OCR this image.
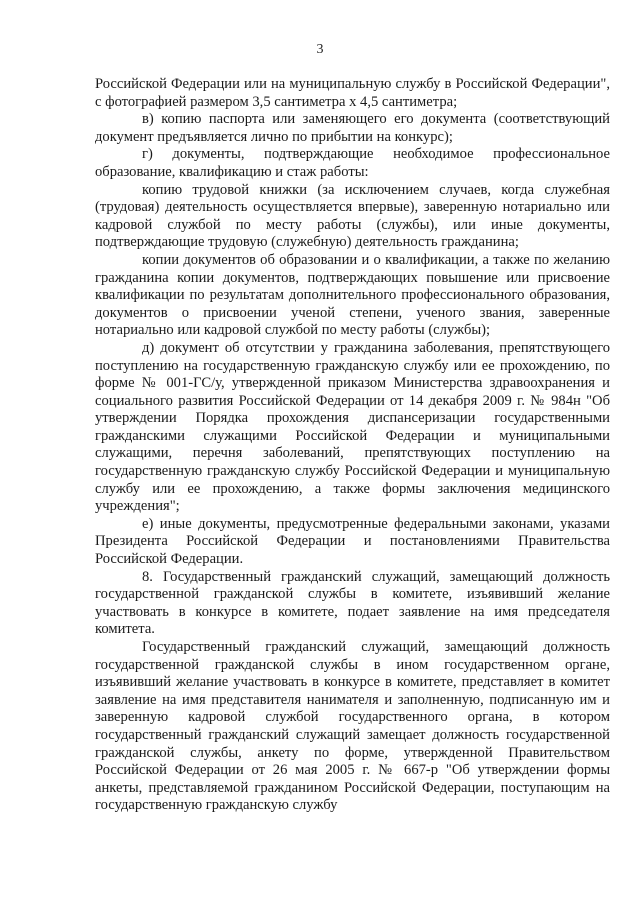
3

Российской Федерации или на муниципальную службу в Российской Федерации", с фотографией размером 3,5 сантиметра х 4,5 сантиметра;

в) копию паспорта или заменяющего его документа (соответствующий документ предъявляется лично по прибытии на конкурс);

г) документы, подтверждающие необходимое профессиональное образование, квалификацию и стаж работы:

копию трудовой книжки (за исключением случаев, когда служебная (трудовая) деятельность осуществляется впервые), заверенную нотариально или кадровой службой по месту работы (службы), или иные документы, подтверждающие трудовую (служебную) деятельность гражданина;

копии документов об образовании и о квалификации, а также по желанию гражданина копии документов, подтверждающих повышение или присвоение квалификации по результатам дополнительного профессионального образования, документов о присвоении ученой степени, ученого звания, заверенные нотариально или кадровой службой по месту работы (службы);

д) документ об отсутствии у гражданина заболевания, препятствующего поступлению на государственную гражданскую службу или ее прохождению, по форме № 001-ГС/у, утвержденной приказом Министерства здравоохранения и социального развития Российской Федерации от 14 декабря 2009 г. № 984н "Об утверждении Порядка прохождения диспансеризации государственными гражданскими служащими Российской Федерации и муниципальными служащими, перечня заболеваний, препятствующих поступлению на государственную гражданскую службу Российской Федерации и муниципальную службу или ее прохождению, а также формы заключения медицинского учреждения";

е) иные документы, предусмотренные федеральными законами, указами Президента Российской Федерации и постановлениями Правительства Российской Федерации.

8. Государственный гражданский служащий, замещающий должность государственной гражданской службы в комитете, изъявивший желание участвовать в конкурсе в комитете, подает заявление на имя председателя комитета.

Государственный гражданский служащий, замещающий должность государственной гражданской службы в ином государственном органе, изъявивший желание участвовать в конкурсе в комитете, представляет в комитет заявление на имя представителя нанимателя и заполненную, подписанную им и заверенную кадровой службой государственного органа, в котором государственный гражданский служащий замещает должность государственной гражданской службы, анкету по форме, утвержденной Правительством Российской Федерации от 26 мая 2005 г. № 667-р "Об утверждении формы анкеты, представляемой гражданином Российской Федерации, поступающим на государственную гражданскую службу
